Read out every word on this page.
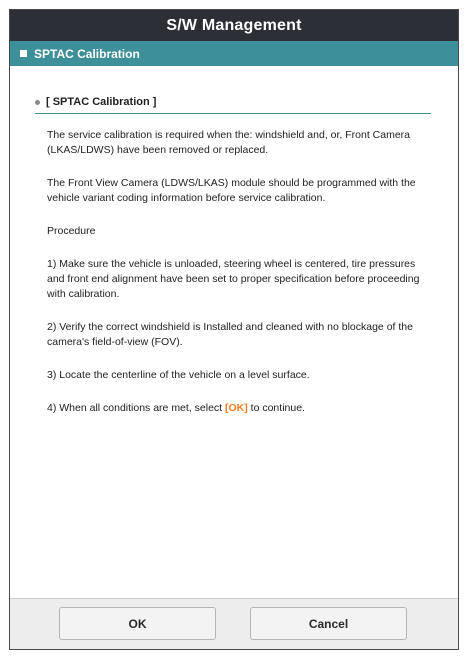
S/W Management
SPTAC Calibration
[ SPTAC Calibration ]

The service calibration is required when the: windshield and, or, Front Camera (LKAS/LDWS) have been removed or replaced.

The Front View Camera (LDWS/LKAS) module should be programmed with the vehicle variant coding information before service calibration.

Procedure

1) Make sure the vehicle is unloaded, steering wheel is centered, tire pressures and front end alignment have been set to proper specification before proceeding with calibration.

2) Verify the correct windshield is Installed and cleaned with no blockage of the camera's field-of-view (FOV).

3) Locate the centerline of the vehicle on a level surface.

4) When all conditions are met, select [OK] to continue.

OK	Cancel
